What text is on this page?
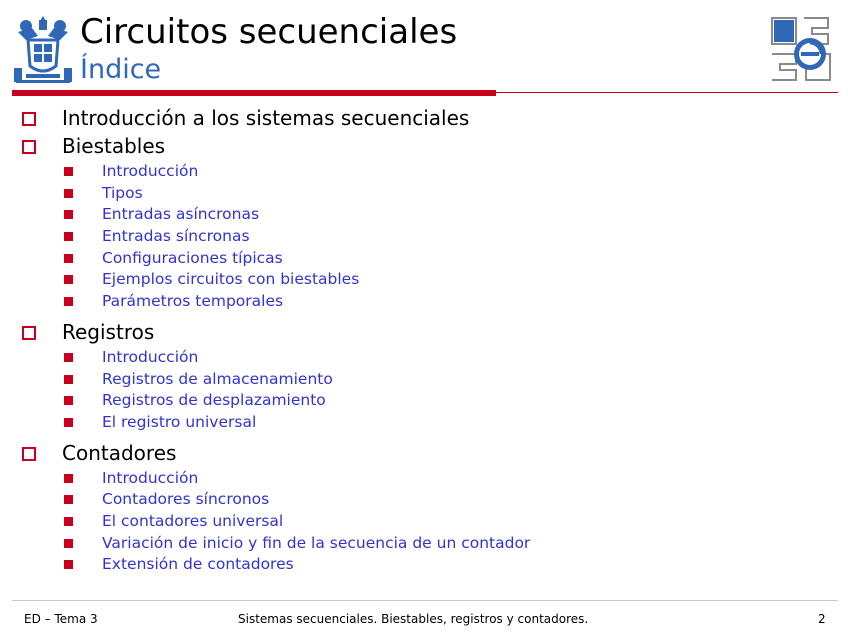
Circuitos secuenciales
Índice
Introducción a los sistemas secuenciales
Biestables
Introducción
Tipos
Entradas asíncronas
Entradas síncronas
Configuraciones típicas
Ejemplos circuitos con biestables
Parámetros temporales
Registros
Introducción
Registros de almacenamiento
Registros de desplazamiento
El registro universal
Contadores
Introducción
Contadores síncronos
El contadores universal
Variación de inicio y fin de la secuencia de un contador
Extensión de contadores
ED – Tema 3	Sistemas secuenciales. Biestables, registros y contadores.	2
